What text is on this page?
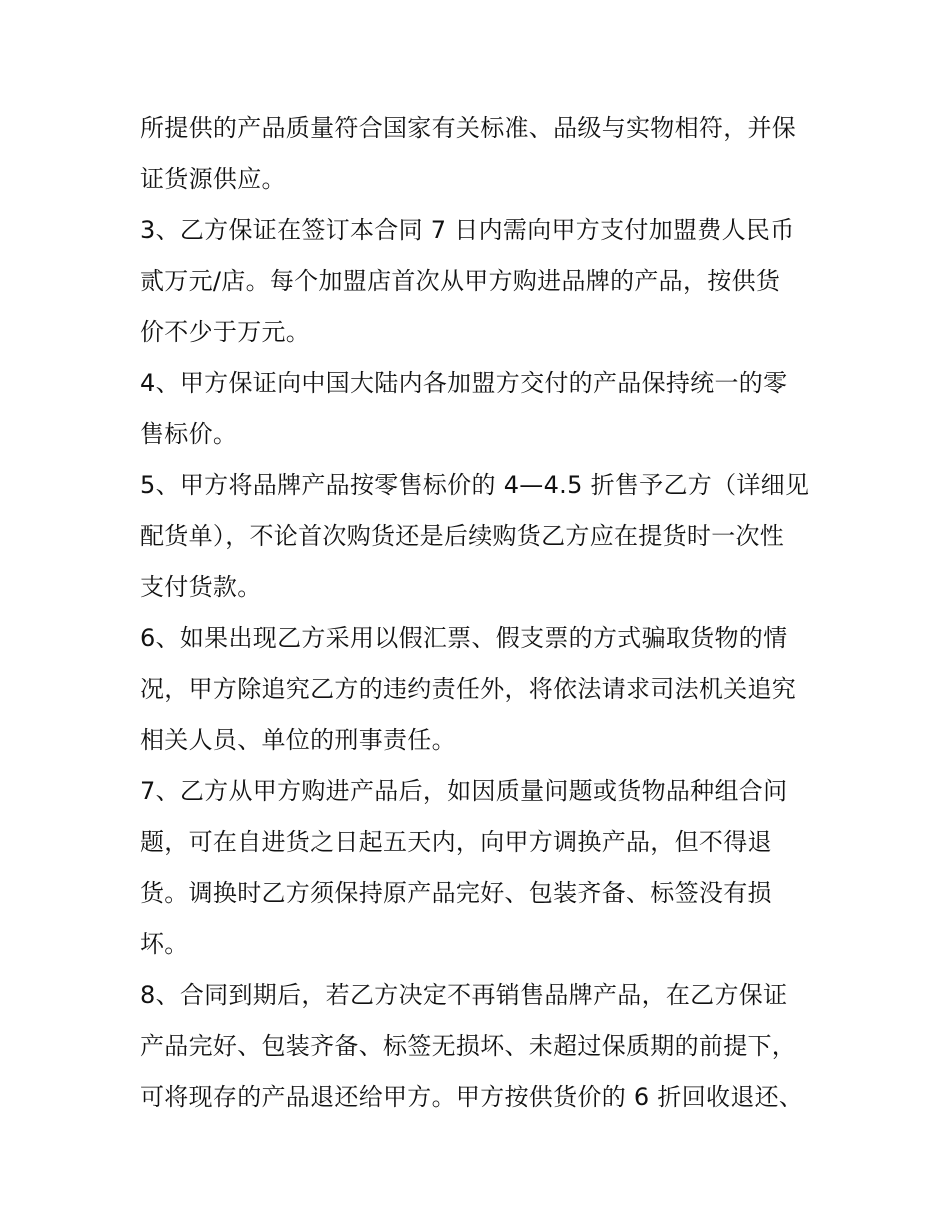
所提供的产品质量符合国家有关标准、品级与实物相符，并保
证货源供应。
3、乙方保证在签订本合同 7 日内需向甲方支付加盟费人民币
贰万元/店。每个加盟店首次从甲方购进品牌的产品，按供货
价不少于万元。
4、甲方保证向中国大陆内各加盟方交付的产品保持统一的零
售标价。
5、甲方将品牌产品按零售标价的 4—4.5 折售予乙方（详细见
配货单），不论首次购货还是后续购货乙方应在提货时一次性
支付货款。
6、如果出现乙方采用以假汇票、假支票的方式骗取货物的情
况，甲方除追究乙方的违约责任外，将依法请求司法机关追究
相关人员、单位的刑事责任。
7、乙方从甲方购进产品后，如因质量问题或货物品种组合问
题，可在自进货之日起五天内，向甲方调换产品，但不得退
货。调换时乙方须保持原产品完好、包装齐备、标签没有损
坏。
8、合同到期后，若乙方决定不再销售品牌产品，在乙方保证
产品完好、包装齐备、标签无损坏、未超过保质期的前提下，
可将现存的产品退还给甲方。甲方按供货价的 6 折回收退还、
